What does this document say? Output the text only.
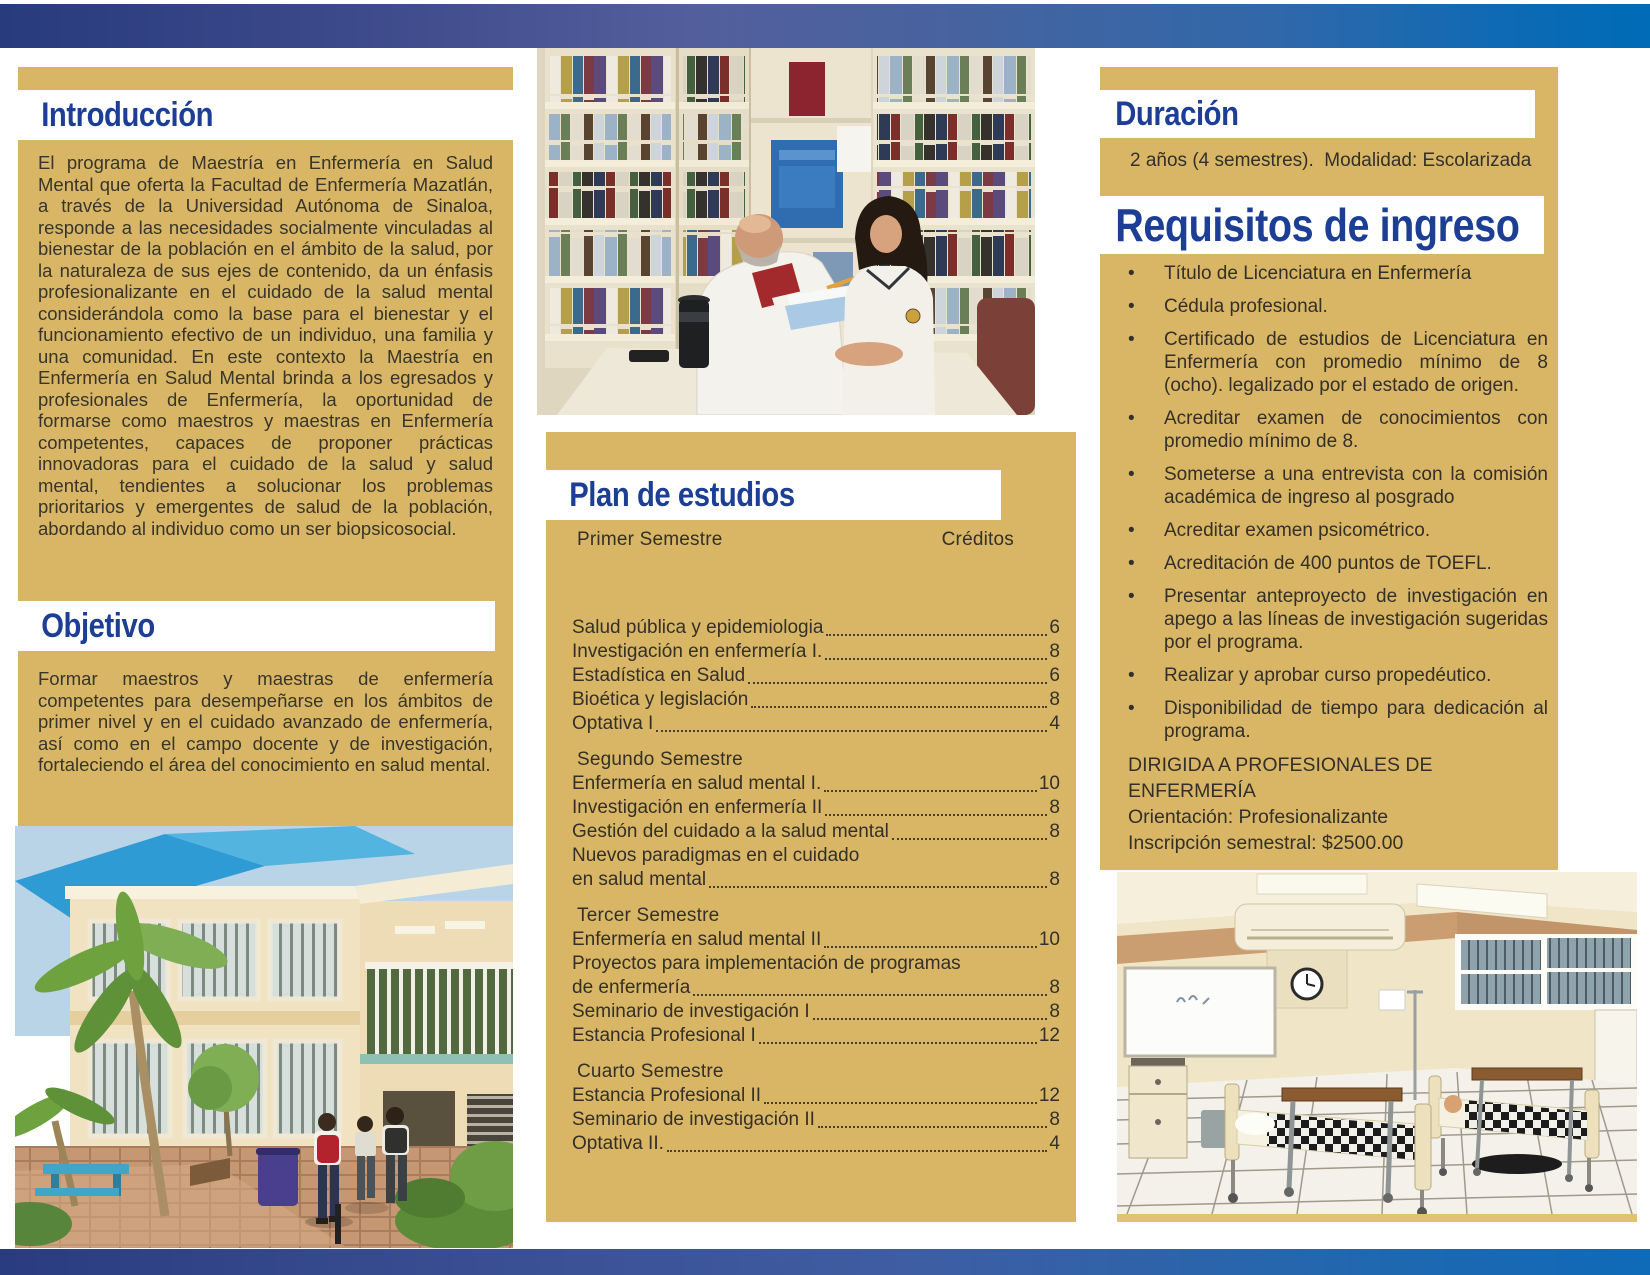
Introducción

El programa de Maestría en Enfermería en Salud Mental que oferta la Facultad de Enfermería Mazatlán, a través de la Universidad Autónoma de Sinaloa, responde a las necesidades socialmente vinculadas al bienestar de la población en el ámbito de la salud, por la naturaleza de sus ejes de contenido, da un énfasis profesionalizante en el cuidado de la salud mental considerándola como la base para el bienestar y el funcionamiento efectivo de un individuo, una familia y una comunidad. En este contexto la Maestría en Enfermería en Salud Mental brinda a los egresados y profesionales de Enfermería, la oportunidad de formarse como maestros y maestras en Enfermería competentes, capaces de proponer prácticas innovadoras para el cuidado de la salud y salud mental, tendientes a solucionar los problemas prioritarios y emergentes de salud de la población, abordando al individuo como un ser biopsicosocial.

Objetivo

Formar maestros y maestras de enfermería competentes para desempeñarse en los ámbitos de primer nivel y en el cuidado avanzado de enfermería, así como en el campo docente y de investigación, fortaleciendo el área del conocimiento en salud mental.

Plan de estudios
Primer Semestre	Créditos
Salud pública y epidemiologia	6
Investigación en enfermería I.	8
Estadística en Salud	6
Bioética y legislación	8
Optativa I	4
Segundo Semestre
Enfermería en salud mental I.	10
Investigación en enfermería II	8
Gestión del cuidado a la salud mental	8
Nuevos paradigmas en el cuidado
en salud mental	8
Tercer Semestre
Enfermería en salud mental II	10
Proyectos para implementación de programas
de enfermería	8
Seminario de investigación I	8
Estancia Profesional I	12
Cuarto Semestre
Estancia Profesional II	12
Seminario de investigación II	8
Optativa II.	4
Duración
2 años (4 semestres).  Modalidad: Escolarizada
Requisitos de ingreso
•	Título de Licenciatura en Enfermería
•	Cédula profesional.
•	Certificado de estudios de Licenciatura en Enfermería con promedio mínimo de 8 (ocho). legalizado por el estado de origen.
•	Acreditar examen de conocimientos con promedio mínimo de 8.
•	Someterse a una entrevista con la comisión académica de ingreso al posgrado
•	Acreditar examen psicométrico.
•	Acreditación de 400 puntos de TOEFL.
•	Presentar anteproyecto de investigación en apego a las líneas de investigación sugeridas por el programa.
•	Realizar y aprobar curso propedéutico.
•	Disponibilidad de tiempo para dedicación al programa.

DIRIGIDA A PROFESIONALES DE ENFERMERÍA

Orientación: Profesionalizante

Inscripción semestral: $2500.00
